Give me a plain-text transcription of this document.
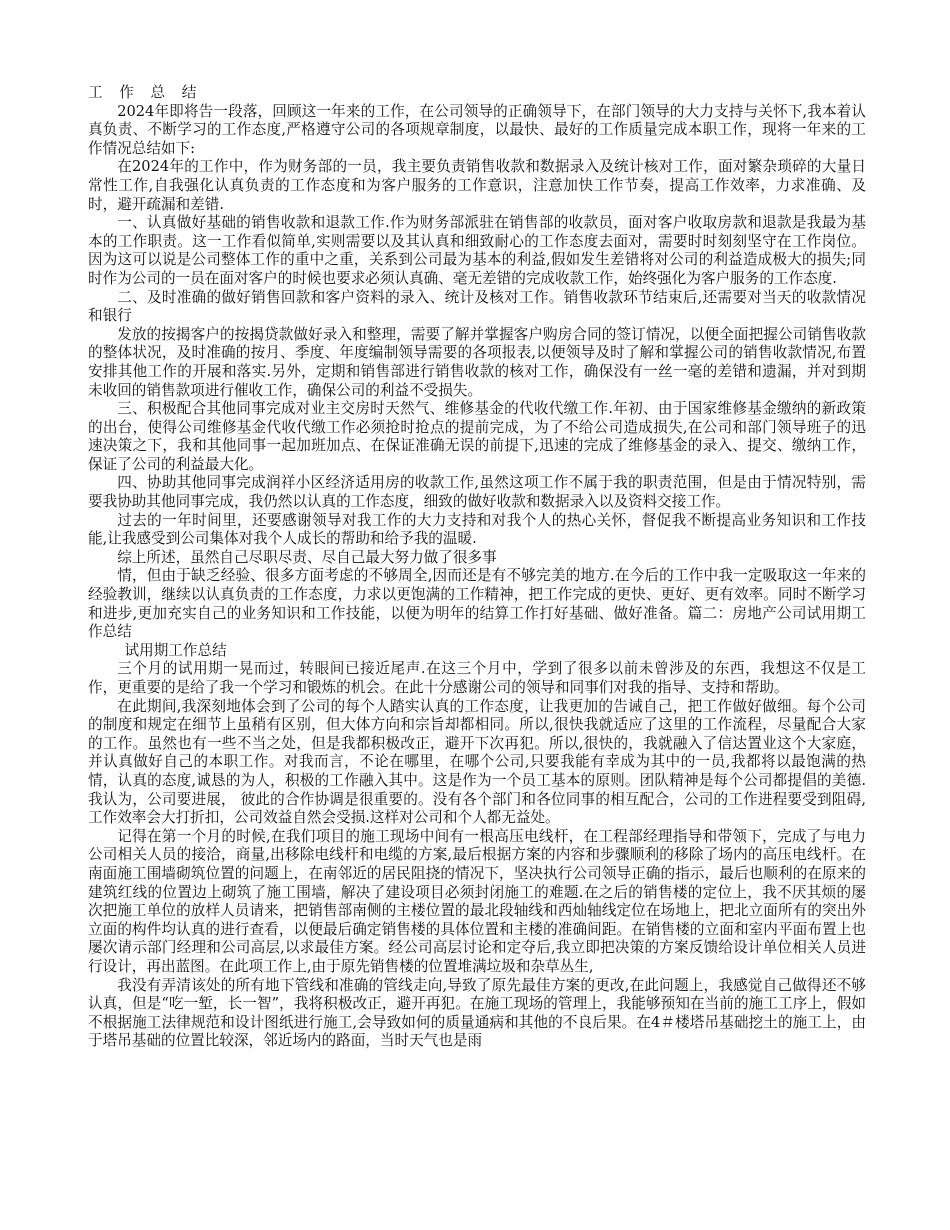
工 作 总 结

2024年即将告一段落，回顾这一年来的工作，在公司领导的正确领导下，在部门领导的大力支持与关怀下,我本着认真负责、不断学习的工作态度,严格遵守公司的各项规章制度，以最快、最好的工作质量完成本职工作，现将一年来的工作情况总结如下:

在2024年的工作中，作为财务部的一员，我主要负责销售收款和数据录入及统计核对工作，面对繁杂琐碎的大量日常性工作,自我强化认真负责的工作态度和为客户服务的工作意识，注意加快工作节奏，提高工作效率，力求准确、及时，避开疏漏和差错.

一、认真做好基础的销售收款和退款工作.作为财务部派驻在销售部的收款员，面对客户收取房款和退款是我最为基本的工作职责。这一工作看似简单,实则需要以及其认真和细致耐心的工作态度去面对，需要时时刻刻坚守在工作岗位。因为这可以说是公司整体工作的重中之重，关系到公司最为基本的利益,假如发生差错将对公司的利益造成极大的损失;同时作为公司的一员在面对客户的时候也要求必须认真确、毫无差错的完成收款工作，始终强化为客户服务的工作态度.

二、及时准确的做好销售回款和客户资料的录入、统计及核对工作。销售收款环节结束后,还需要对当天的收款情况和银行

发放的按揭客户的按揭贷款做好录入和整理，需要了解并掌握客户购房合同的签订情况，以便全面把握公司销售收款的整体状况，及时准确的按月、季度、年度编制领导需要的各项报表,以便领导及时了解和掌握公司的销售收款情况,布置安排其他工作的开展和落实.另外，定期和销售部进行销售收款的核对工作，确保没有一丝一毫的差错和遗漏，并对到期未收回的销售款项进行催收工作，确保公司的利益不受损失。

三、积极配合其他同事完成对业主交房时天然气、维修基金的代收代缴工作.年初、由于国家维修基金缴纳的新政策的出台，使得公司维修基金代收代缴工作必须抢时抢点的提前完成，为了不给公司造成损失,在公司和部门领导班子的迅速决策之下，我和其他同事一起加班加点、在保证准确无误的前提下,迅速的完成了维修基金的录入、提交、缴纳工作，保证了公司的利益最大化。

四、协助其他同事完成润祥小区经济适用房的收款工作,虽然这项工作不属于我的职责范围，但是由于情况特别，需要我协助其他同事完成，我仍然以认真的工作态度，细致的做好收款和数据录入以及资料交接工作。

过去的一年时间里，还要感谢领导对我工作的大力支持和对我个人的热心关怀，督促我不断提高业务知识和工作技能,让我感受到公司集体对我个人成长的帮助和给予我的温暖.

综上所述，虽然自己尽职尽责、尽自己最大努力做了很多事

情，但由于缺乏经验、很多方面考虑的不够周全,因而还是有不够完美的地方.在今后的工作中我一定吸取这一年来的经验教训，继续以认真负责的工作态度，力求以更饱满的工作精神，把工作完成的更快、更好、更有效率。同时不断学习和进步,更加充实自己的业务知识和工作技能，以便为明年的结算工作打好基础、做好准备。篇二：房地产公司试用期工作总结

试用期工作总结

三个月的试用期一晃而过，转眼间已接近尾声.在这三个月中，学到了很多以前未曾涉及的东西，我想这不仅是工作，更重要的是给了我一个学习和锻炼的机会。在此十分感谢公司的领导和同事们对我的指导、支持和帮助。

在此期间,我深刻地体会到了公司的每个人踏实认真的工作态度，让我更加的告诫自己，把工作做好做细。每个公司的制度和规定在细节上虽稍有区别，但大体方向和宗旨却都相同。所以,很快我就适应了这里的工作流程，尽量配合大家的工作。虽然也有一些不当之处，但是我都积极改正，避开下次再犯。所以,很快的，我就融入了信达置业这个大家庭，并认真做好自己的本职工作。对我而言，不论在哪里，在哪个公司,只要我能有幸成为其中的一员,我都将以最饱满的热情，认真的态度,诚恳的为人，积极的工作融入其中。这是作为一个员工基本的原则。团队精神是每个公司都提倡的美德.我认为，公司要进展， 彼此的合作协调是很重要的。没有各个部门和各位同事的相互配合，公司的工作进程要受到阻碍,工作效率会大打折扣，公司效益自然会受损.这样对公司和个人都无益处。

记得在第一个月的时候,在我们项目的施工现场中间有一根高压电线杆，在工程部经理指导和带领下，完成了与电力公司相关人员的接洽，商量,出移除电线杆和电缆的方案,最后根据方案的内容和步骤顺利的移除了场内的高压电线杆。在南面施工围墙砌筑位置的问题上，在南邻近的居民阻挠的情况下，坚决执行公司领导正确的指示，最后也顺利的在原来的建筑红线的位置边上砌筑了施工围墙，解决了建设项目必须封闭施工的难题.在之后的销售楼的定位上，我不厌其烦的屡次把施工单位的放样人员请来，把销售部南侧的主楼位置的最北段轴线和西灿轴线定位在场地上，把北立面所有的突出外立面的构件均认真的进行查看，以便最后确定销售楼的具体位置和主楼的准确间距。在销售楼的立面和室内平面布置上也屡次请示部门经理和公司高层,以求最佳方案。经公司高层讨论和定夺后,我立即把决策的方案反馈给设计单位相关人员进行设计，再出蓝图。在此项工作上,由于原先销售楼的位置堆满垃圾和杂草丛生,

我没有弄清该处的所有地下管线和准确的管线走向,导致了原先最佳方案的更改,在此问题上，我感觉自己做得还不够认真，但是“吃一堑，长一智”，我将积极改正，避开再犯。在施工现场的管理上，我能够预知在当前的施工工序上，假如不根据施工法律规范和设计图纸进行施工,会导致如何的质量通病和其他的不良后果。在4＃楼塔吊基础挖土的施工上，由于塔吊基础的位置比较深，邻近场内的路面，当时天气也是雨
